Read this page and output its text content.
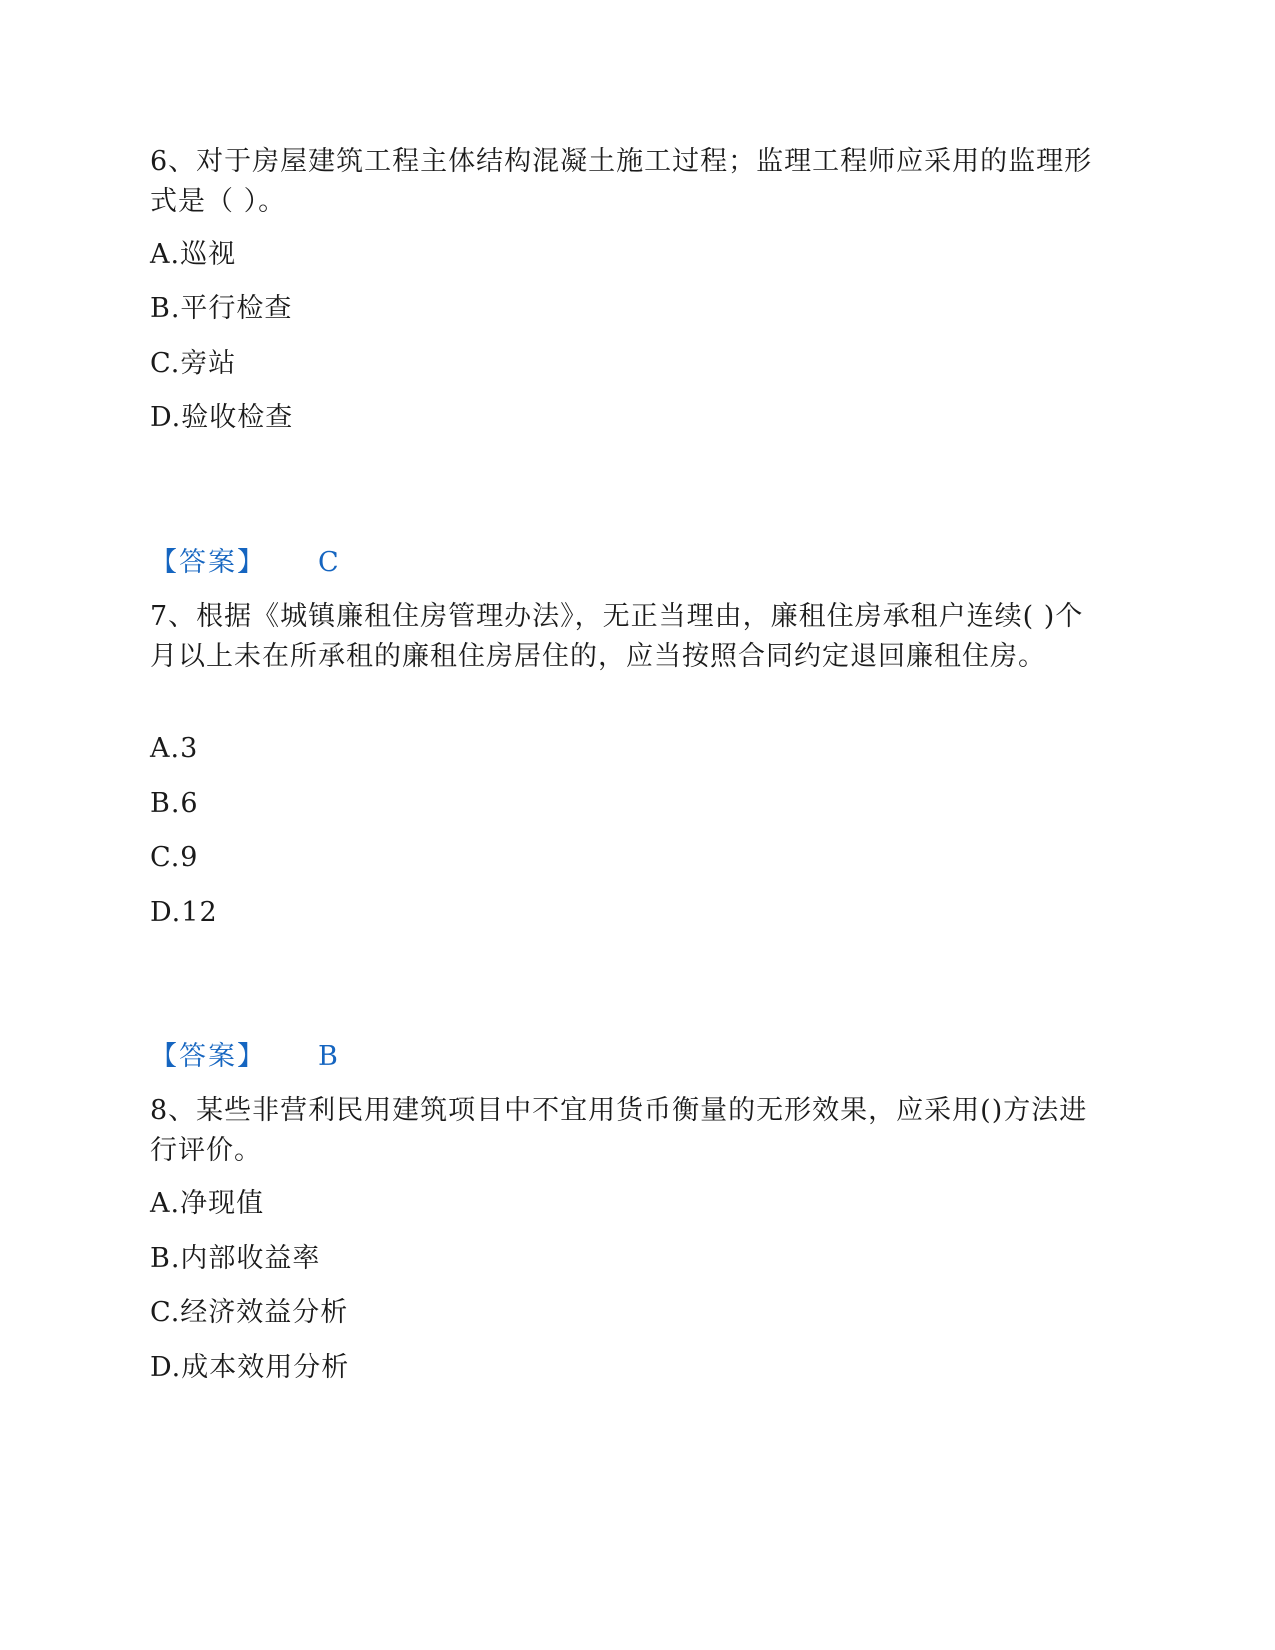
6、对于房屋建筑工程主体结构混凝土施工过程；监理工程师应采用的监理形式是（ ）。

A.巡视
B.平行检查
C.旁站
D.验收检查
【答案】 C

7、根据《城镇廉租住房管理办法》，无正当理由，廉租住房承租户连续( )个月以上未在所承租的廉租住房居住的，应当按照合同约定退回廉租住房。

A.3
B.6
C.9
D.12
【答案】 B

8、某些非营利民用建筑项目中不宜用货币衡量的无形效果，应采用()方法进行评价。

A.净现值
B.内部收益率
C.经济效益分析
D.成本效用分析
